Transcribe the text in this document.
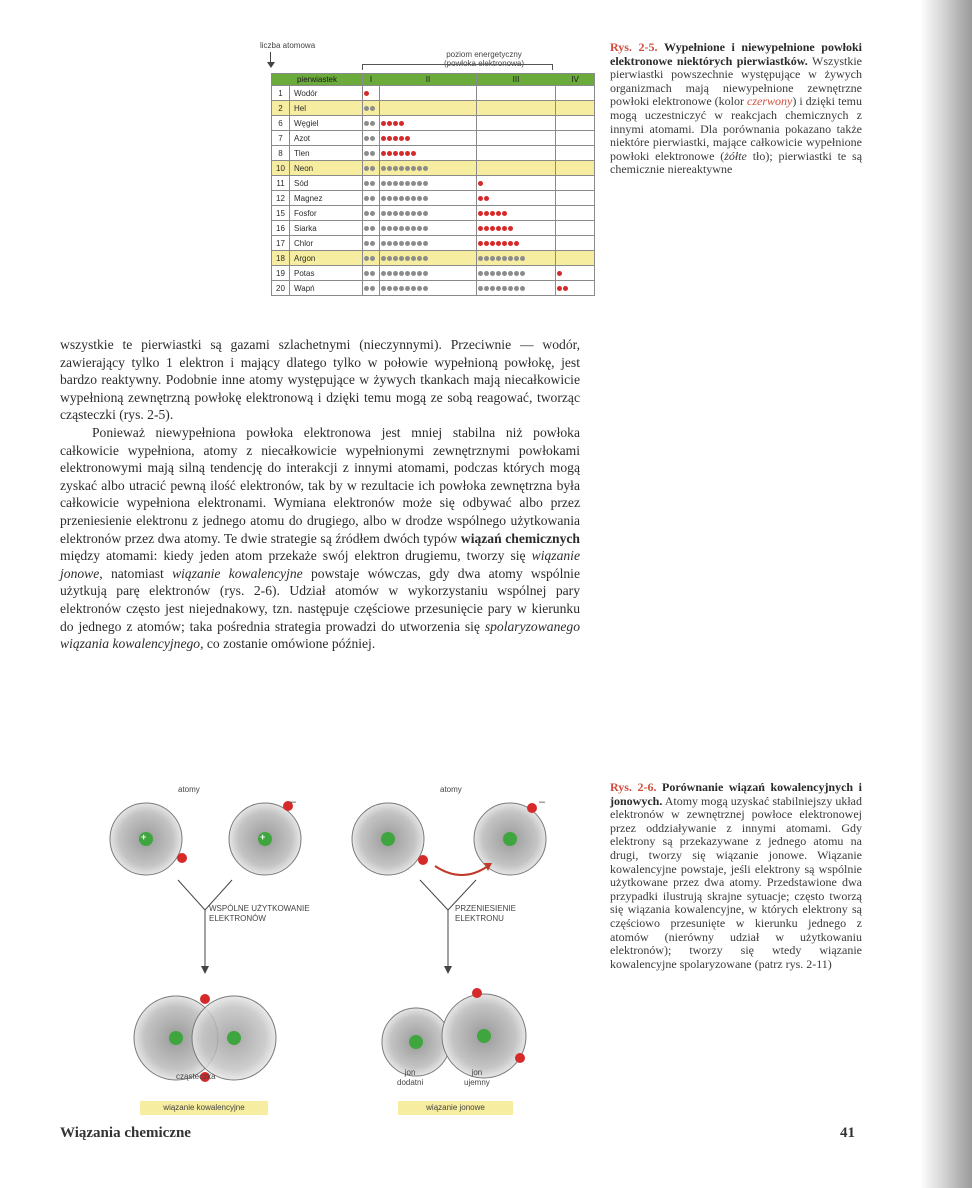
liczba atomowa
poziom energetyczny
(powłoka elektronowa)
pierwiastek		I	II	III	IV
1	Wodór				
2	Hel				
6	Węgiel				
7	Azot				
8	Tlen				
10	Neon				
11	Sód				
12	Magnez				
15	Fosfor				
16	Siarka				
17	Chlor				
18	Argon				
19	Potas				
20	Wapń				
Rys. 2-5. Wypełnione i niewypełnione powłoki elektronowe niektórych pierwiastków. Wszystkie pierwiastki powszechnie występujące w żywych organizmach mają niewypełnione zewnętrzne powłoki elektronowe (kolor czerwony) i dzięki temu mogą uczestniczyć w reakcjach chemicznych z innymi atomami. Dla porównania pokazano także niektóre pierwiastki, mające całkowicie wypełnione powłoki elektronowe (żółte tło); pierwiastki te są chemicznie niereaktywne

wszystkie te pierwiastki są gazami szlachetnymi (nieczynnymi). Przeciwnie — wodór, zawierający tylko 1 elektron i mający dlatego tylko w połowie wypełnioną powłokę, jest bardzo reaktywny. Podobnie inne atomy występujące w żywych tkankach mają niecałkowicie wypełnioną zewnętrzną powłokę elektronową i dzięki temu mogą ze sobą reagować, tworząc cząsteczki (rys. 2-5).

Ponieważ niewypełniona powłoka elektronowa jest mniej stabilna niż powłoka całkowicie wypełniona, atomy z niecałkowicie wypełnionymi zewnętrznymi powłokami elektronowymi mają silną tendencję do interakcji z innymi atomami, podczas których mogą zyskać albo utracić pewną ilość elektronów, tak by w rezultacie ich powłoka zewnętrzna była całkowicie wypełniona elektronami. Wymiana elektronów może się odbywać albo przez przeniesienie elektronu z jednego atomu do drugiego, albo w drodze wspólnego użytkowania elektronów przez dwa atomy. Te dwie strategie są źródłem dwóch typów wiązań chemicznych między atomami: kiedy jeden atom przekaże swój elektron drugiemu, tworzy się wiązanie jonowe, natomiast wiązanie kowalencyjne powstaje wówczas, gdy dwa atomy wspólnie użytkują parę elektronów (rys. 2-6). Udział atomów w wykorzystaniu wspólnej pary elektronów często jest niejednakowy, tzn. następuje częściowe przesunięcie pary w kierunku do jednego z atomów; taka pośrednia strategia prowadzi do utworzenia się spolaryzowanego wiązania kowalencyjnego, co zostanie omówione później.

+	+
–	–
atomy	atomy
WSPÓLNE UŻYTKOWANIE
ELEKTRONÓW
PRZENIESIENIE
ELEKTRONU
cząsteczka	jon
dodatni
jon
ujemny
wiązanie kowalencyjne	wiązanie jonowe
Rys. 2-6. Porównanie wiązań kowalencyjnych i jonowych. Atomy mogą uzyskać stabilniejszy układ elektronów w zewnętrznej powłoce elektronowej przez oddziaływanie z innymi atomami. Gdy elektrony są przekazywane z jednego atomu na drugi, tworzy się wiązanie jonowe. Wiązanie kowalencyjne powstaje, jeśli elektrony są wspólnie użytkowane przez dwa atomy. Przedstawione dwa przypadki ilustrują skrajne sytuacje; często tworzą się wiązania kowalencyjne, w których elektrony są częściowo przesunięte w kierunku jednego z atomów (nierówny udział w użytkowaniu elektronów); tworzy się wtedy wiązanie kowalencyjne spolaryzowane (patrz rys. 2-11)
Wiązania chemiczne	41
